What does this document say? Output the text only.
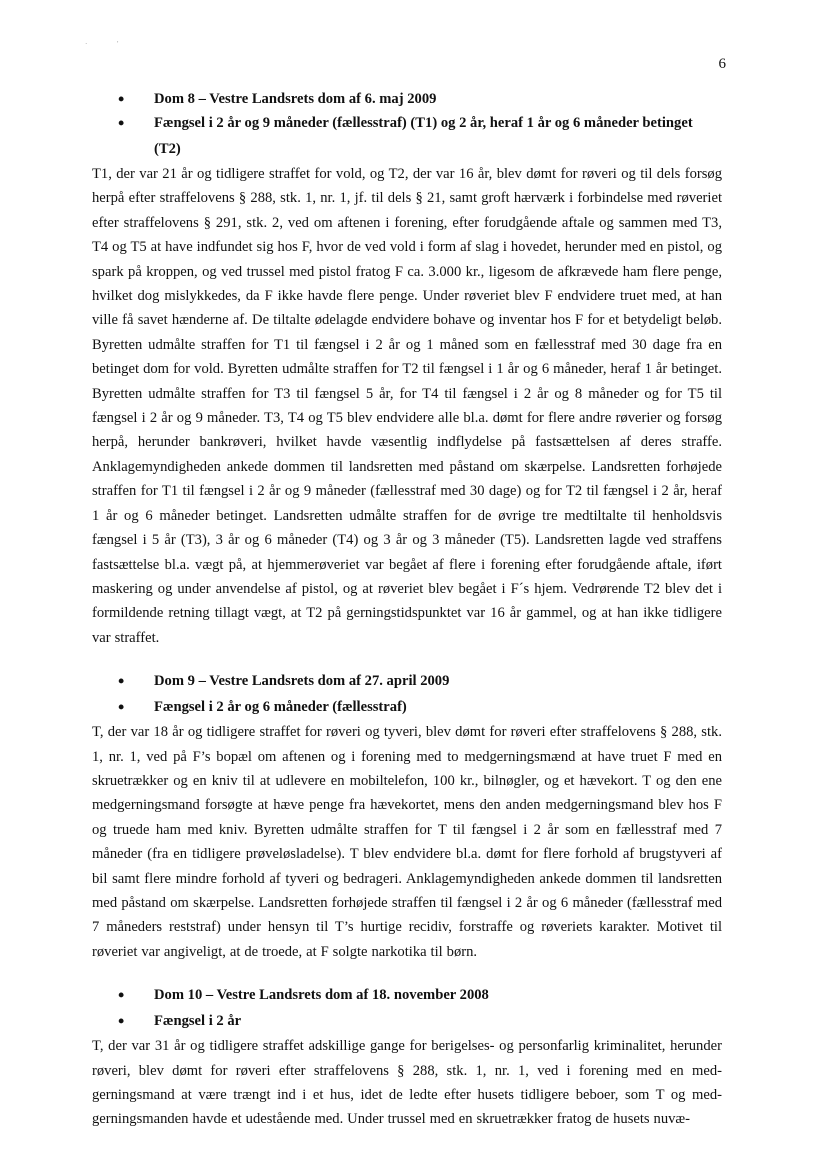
·                 '
6
• Dom 8 – Vestre Landsrets dom af 6. maj 2009
• Fængsel i 2 år og 9 måneder (fællesstraf) (T1) og 2 år, heraf 1 år og 6 måneder betinget (T2)

T1, der var 21 år og tidligere straffet for vold, og T2, der var 16 år, blev dømt for røveri og til dels forsøg herpå efter straffelovens § 288, stk. 1, nr. 1, jf. til dels § 21, samt groft hærværk i forbindelse med røveriet efter straffelovens § 291, stk. 2, ved om aftenen i forening, efter forudgående aftale og sammen med T3, T4 og T5 at have indfundet sig hos F, hvor de ved vold i form af slag i hovedet, herunder med en pistol, og spark på kroppen, og ved trussel med pistol fratog F ca. 3.000 kr., ligesom de afkrævede ham flere penge, hvilket dog mislykkedes, da F ikke havde flere penge. Under røveriet blev F endvidere truet med, at han ville få savet hænderne af. De tiltalte ødelagde endvidere bohave og inventar hos F for et betydeligt beløb. Byretten udmålte straffen for T1 til fængsel i 2 år og 1 måned som en fællesstraf med 30 dage fra en betinget dom for vold. Byretten udmålte straffen for T2 til fængsel i 1 år og 6 måneder, heraf 1 år betinget. Byretten udmålte straffen for T3 til fængsel 5 år, for T4 til fængsel i 2 år og 8 måneder og for T5 til fængsel i 2 år og 9 måneder. T3, T4 og T5 blev endvidere alle bl.a. dømt for flere andre røverier og forsøg herpå, herunder bankrøveri, hvilket havde væsentlig indflydelse på fastsættelsen af deres straffe. Anklagemyndigheden ankede dommen til landsretten med påstand om skærpelse. Landsretten forhøjede straffen for T1 til fængsel i 2 år og 9 måneder (fællesstraf med 30 dage) og for T2 til fængsel i 2 år, heraf 1 år og 6 måneder betinget. Landsretten udmålte straffen for de øvrige tre medtiltalte til henholdsvis fængsel i 5 år (T3), 3 år og 6 måneder (T4) og 3 år og 3 måneder (T5). Landsretten lagde ved straffens fastsættelse bl.a. vægt på, at hjemmerøveriet var begået af flere i forening efter forudgående aftale, iført maskering og under anvendelse af pistol, og at røveriet blev begået i F´s hjem. Vedrørende T2 blev det i formildende retning tillagt vægt, at T2 på gerningstidspunktet var 16 år gammel, og at han ikke tidligere var straffet.

• Dom 9 – Vestre Landsrets dom af 27. april 2009
• Fængsel i 2 år og 6 måneder (fællesstraf)

T, der var 18 år og tidligere straffet for røveri og tyveri, blev dømt for røveri efter straffelovens § 288, stk. 1, nr. 1, ved på F’s bopæl om aftenen og i forening med to medgerningsmænd at have truet F med en skruetrækker og en kniv til at udlevere en mobiltelefon, 100 kr., bilnøgler, og et hævekort. T og den ene medgerningsmand forsøgte at hæve penge fra hævekortet, mens den anden medgerningsmand blev hos F og truede ham med kniv. Byretten udmålte straffen for T til fængsel i 2 år som en fællesstraf med 7 måneder (fra en tidligere prøveløsladelse). T blev endvidere bl.a. dømt for flere forhold af brugstyveri af bil samt flere mindre forhold af tyveri og bedrageri. Anklagemyndigheden ankede dommen til landsretten med påstand om skærpelse. Landsretten forhøjede straffen til fængsel i 2 år og 6 måneder (fællesstraf med 7 måneders reststraf) under hensyn til T’s hurtige recidiv, forstraffe og røveriets karakter. Motivet til røveriet var angiveligt, at de troede, at F solgte narkotika til børn.

• Dom 10 – Vestre Landsrets dom af 18. november 2008
• Fængsel i 2 år

T, der var 31 år og tidligere straffet adskillige gange for berigelses- og personfarlig kriminalitet, herunder røveri, blev dømt for røveri efter straffelovens § 288, stk. 1, nr. 1, ved i forening med en medgerningsmand at være trængt ind i et hus, idet de ledte efter husets tidligere beboer, som T og medgerningsmanden havde et udestående med. Under trussel med en skruetrækker fratog de husets nuvæ-
